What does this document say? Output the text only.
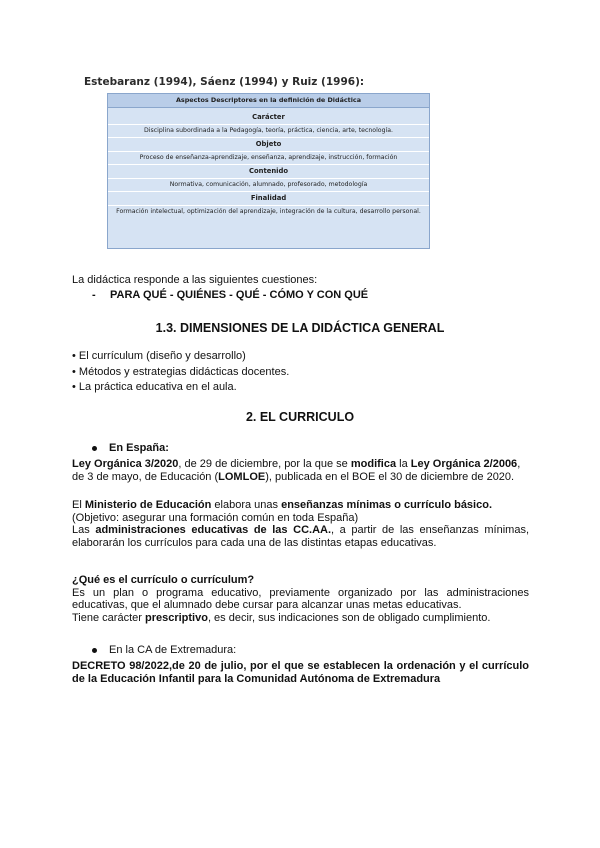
Estebaranz (1994), Sáenz (1994) y Ruiz (1996):
Aspectos Descriptores en la definición de Didáctica
Carácter
Disciplina subordinada a la Pedagogía, teoría, práctica, ciencia, arte, tecnología.
Objeto
Proceso de enseñanza-aprendizaje, enseñanza, aprendizaje, instrucción, formación
Contenido
Normativa, comunicación, alumnado, profesorado, metodología
Finalidad
Formación intelectual, optimización del aprendizaje, integración de la cultura, desarrollo personal.
La didáctica responde a las siguientes cuestiones:
- PARA QUÉ - QUIÉNES - QUÉ - CÓMO Y CON QUÉ
1.3. DIMENSIONES DE LA DIDÁCTICA GENERAL
• El currículum (diseño y desarrollo)
• Métodos y estrategias didácticas docentes.
• La práctica educativa en el aula.
2. EL CURRICULO
En España:
Ley Orgánica 3/2020, de 29 de diciembre, por la que se modifica la Ley Orgánica 2/2006,
de 3 de mayo, de Educación (LOMLOE), publicada en el BOE el 30 de diciembre de 2020.
El Ministerio de Educación elabora unas enseñanzas mínimas o currículo básico.
(Objetivo: asegurar una formación común en toda España)
Las administraciones educativas de las CC.AA., a partir de las enseñanzas mínimas, elaborarán los currículos para cada una de las distintas etapas educativas.
¿Qué es el currículo o currículum?
Es un plan o programa educativo, previamente organizado por las administraciones educativas, que el alumnado debe cursar para alcanzar unas metas educativas.
Tiene carácter prescriptivo, es decir, sus indicaciones son de obligado cumplimiento.
En la CA de Extremadura:
DECRETO 98/2022,de 20 de julio, por el que se establecen la ordenación y el currículo de la Educación Infantil para la Comunidad Autónoma de Extremadura
